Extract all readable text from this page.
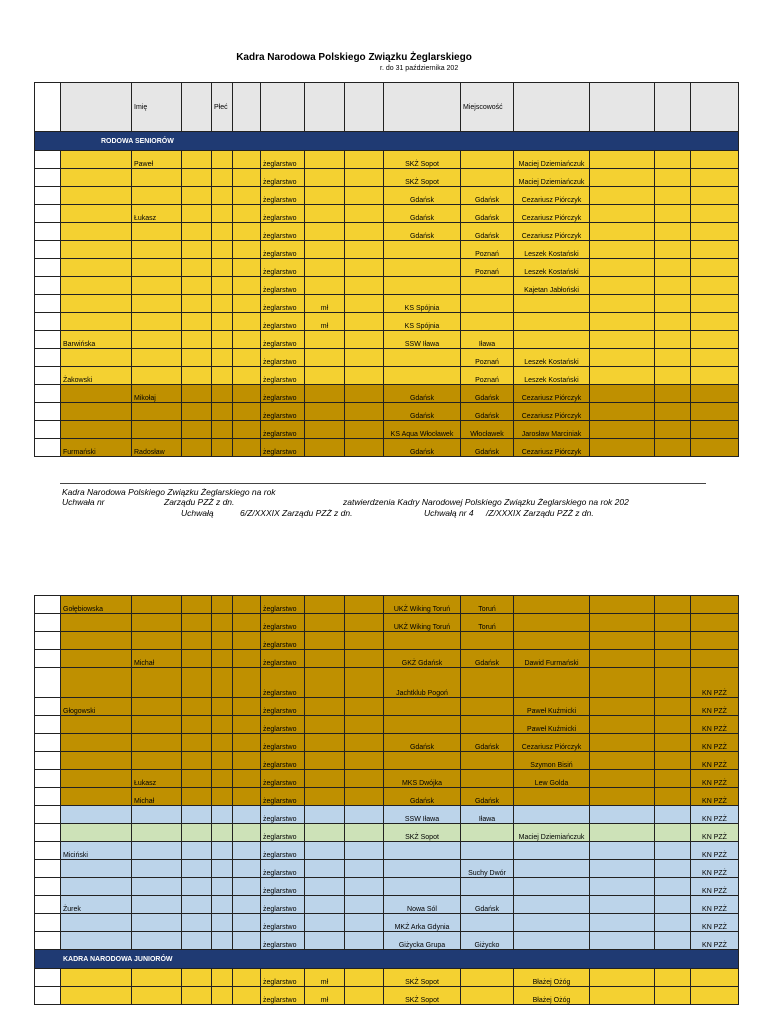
Kadra Narodowa Polskiego Związku Żeglarskiego
r. do 31 października 202
		Imię		Płeć						Miejscowość				
RODOWA SENIORÓW														
		Paweł				żeglarstwo			SKŻ Sopot		Maciej Dziemiańczuk			
						żeglarstwo			SKŻ Sopot		Maciej Dziemiańczuk			
						żeglarstwo			Gdańsk	Gdańsk	Cezariusz Piórczyk			
		Łukasz				żeglarstwo			Gdańsk	Gdańsk	Cezariusz Piórczyk			
						żeglarstwo			Gdańsk	Gdańsk	Cezariusz Piórczyk			
						żeglarstwo				Poznań	Leszek Kostański			
						żeglarstwo				Poznań	Leszek Kostański			
						żeglarstwo					Kajetan Jabłoński			
						żeglarstwo	mł		KS Spójnia					
						żeglarstwo	mł		KS Spójnia					
	Barwińska					żeglarstwo			SSW Iława	Iława				
						żeglarstwo				Poznań	Leszek Kostański			
	Żakowski					żeglarstwo				Poznań	Leszek Kostański			
		Mikołaj				żeglarstwo			Gdańsk	Gdańsk	Cezariusz Piórczyk			
						żeglarstwo			Gdańsk	Gdańsk	Cezariusz Piórczyk			
						żeglarstwo			KS Aqua Włocławek	Włocławek	Jarosław Marciniak			
	Furmański	Radosław				żeglarstwo			Gdańsk	Gdańsk	Cezariusz Piórczyk			
Kadra Narodowa Polskiego Związku Żeglarskiego na rok
Uchwała nr	Zarządu PZŻ z dn.	zatwierdzenia Kadry Narodowej Polskiego Związku Żeglarskiego na rok 202
Uchwałą	6/Z/XXXIX Zarządu PZŻ z dn.	Uchwałą nr 4 /Z/XXXIX Zarządu PZŻ z dn.
	Gołębiowska					żeglarstwo			UKŻ Wiking Toruń	Toruń				
						żeglarstwo			UKŻ Wiking Toruń	Toruń				
						żeglarstwo								
		Michał				żeglarstwo			GKŻ Gdańsk	Gdańsk	Dawid Furmański			
						żeglarstwo			Jachtklub Pogoń					KN PZŻ
	Głogowski					żeglarstwo					Paweł Kuźmicki			KN PZŻ
						żeglarstwo					Paweł Kuźmicki			KN PZŻ
						żeglarstwo			Gdańsk	Gdańsk	Cezariusz Piórczyk			KN PZŻ
						żeglarstwo					Szymon Bisiń			KN PZŻ
		Łukasz				żeglarstwo			MKS Dwójka		Lew Golda			KN PZŻ
		Michał				żeglarstwo			Gdańsk	Gdańsk				KN PZŻ
						żeglarstwo			SSW Iława	Iława				KN PZŻ
						żeglarstwo			SKŻ Sopot		Maciej Dziemiańczuk			KN PZŻ
	Miciński					żeglarstwo								KN PZŻ
						żeglarstwo				Suchy Dwór				KN PZŻ
						żeglarstwo								KN PZŻ
	Żurek					żeglarstwo			Nowa Sól	Gdańsk				KN PZŻ
						żeglarstwo			MKŻ Arka Gdynia					KN PZŻ
						żeglarstwo			Giżycka Grupa	Giżycko				KN PZŻ
KADRA NARODOWA JUNIORÓW														
						żeglarstwo	mł		SKŻ Sopot		Błażej Ożóg			
						żeglarstwo	mł		SKŻ Sopot		Błażej Ożóg			
